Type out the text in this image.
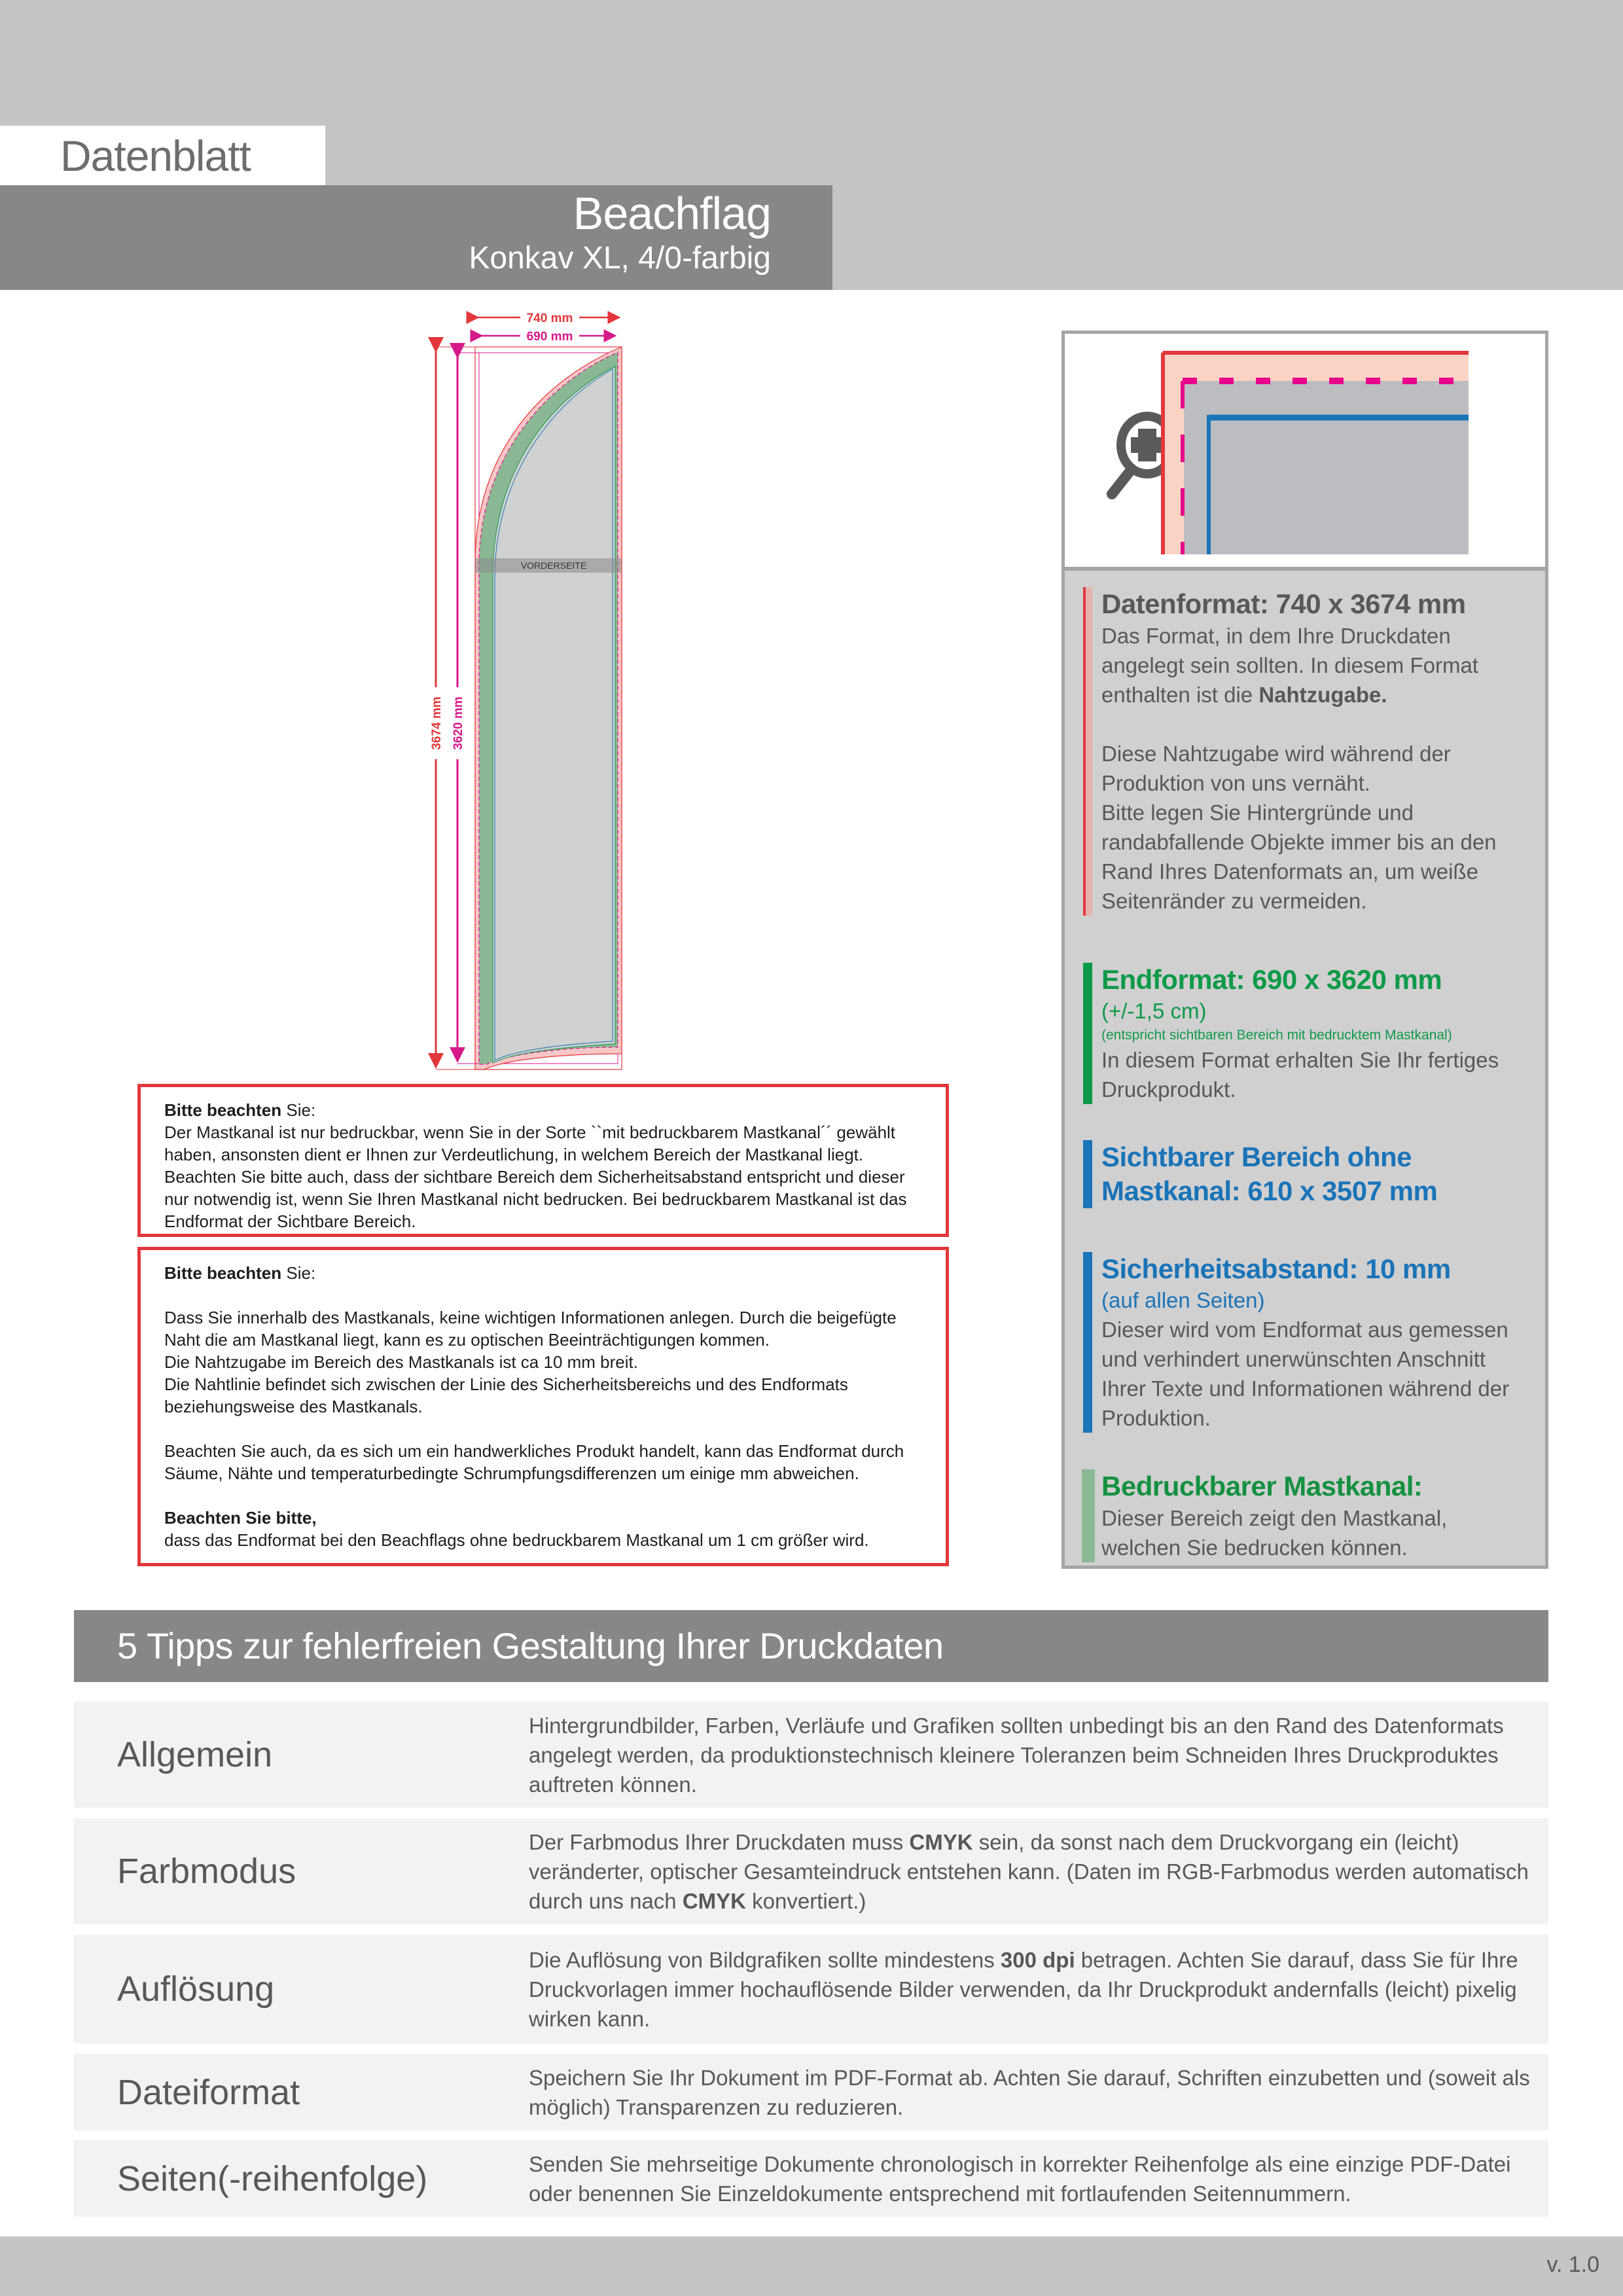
Datenblatt
Beachflag
Konkav XL, 4/0-farbig
VORDERSEITE
740 mm
690 mm
3674 mm 3620 mm

Bitte beachten Sie:

Der Mastkanal ist nur bedruckbar, wenn Sie in der Sorte ``mit bedruckbarem Mastkanal´´ gewählt haben, ansonsten dient er Ihnen zur Verdeutlichung, in welchem Bereich der Mastkanal liegt. Beachten Sie bitte auch, dass der sichtbare Bereich dem Sicherheitsabstand entspricht und dieser nur notwendig ist, wenn Sie Ihren Mastkanal nicht bedrucken. Bei bedruckbarem Mastkanal ist das Endformat der Sichtbare Bereich.

Bitte beachten Sie:

Dass Sie innerhalb des Mastkanals, keine wichtigen Informationen anlegen. Durch die beigefügte Naht die am Mastkanal liegt, kann es zu optischen Beeinträchtigungen kommen.

Die Nahtzugabe im Bereich des Mastkanals ist ca 10 mm breit.

Die Nahtlinie befindet sich zwischen der Linie des Sicherheitsbereichs und des Endformats beziehungsweise des Mastkanals.

Beachten Sie auch, da es sich um ein handwerkliches Produkt handelt, kann das Endformat durch Säume, Nähte und temperaturbedingte Schrumpfungsdifferenzen um einige mm abweichen.

Beachten Sie bitte,

dass das Endformat bei den Beachflags ohne bedruckbarem Mastkanal um 1 cm größer wird.

Datenformat: 740 x 3674 mm

Das Format, in dem Ihre Druckdaten angelegt sein sollten. In diesem Format enthalten ist die Nahtzugabe.

Diese Nahtzugabe wird während der Produktion von uns vernäht.

Bitte legen Sie Hintergründe und randabfallende Objekte immer bis an den Rand Ihres Datenformats an, um weiße Seitenränder zu vermeiden.

Endformat: 690 x 3620 mm
(+/-1,5 cm)
(entspricht sichtbaren Bereich mit bedrucktem Mastkanal)

In diesem Format erhalten Sie Ihr fertiges Druckprodukt.

Sichtbarer Bereich ohne
Mastkanal: 610 x 3507 mm
Sicherheitsabstand: 10 mm
(auf allen Seiten)

Dieser wird vom Endformat aus gemessen und verhindert unerwünschten Anschnitt Ihrer Texte und Informationen während der Produktion.

Bedruckbarer Mastkanal:

Dieser Bereich zeigt den Mastkanal, welchen Sie bedrucken können.

5 Tipps zur fehlerfreien Gestaltung Ihrer Druckdaten
Allgemein
Hintergrundbilder, Farben, Verläufe und Grafiken sollten unbedingt bis an den Rand des Datenformats angelegt werden, da produktionstechnisch kleinere Toleranzen beim Schneiden Ihres Druckproduktes auftreten können.
Farbmodus
Der Farbmodus Ihrer Druckdaten muss CMYK sein, da sonst nach dem Druckvorgang ein (leicht) veränderter, optischer Gesamteindruck entstehen kann. (Daten im RGB-Farbmodus werden automatisch durch uns nach CMYK konvertiert.)
Auflösung
Die Auflösung von Bildgrafiken sollte mindestens 300 dpi betragen. Achten Sie darauf, dass Sie für Ihre Druckvorlagen immer hochauflösende Bilder verwenden, da Ihr Druckprodukt andernfalls (leicht) pixelig wirken kann.
Dateiformat	Speichern Sie Ihr Dokument im PDF-Format ab. Achten Sie darauf, Schriften einzubetten und (soweit als möglich) Transparenzen zu reduzieren.
Seiten(-reihenfolge)	Senden Sie mehrseitige Dokumente chronologisch in korrekter Reihenfolge als eine einzige PDF-Datei oder benennen Sie Einzeldokumente entsprechend mit fortlaufenden Seitennummern.
v. 1.0
